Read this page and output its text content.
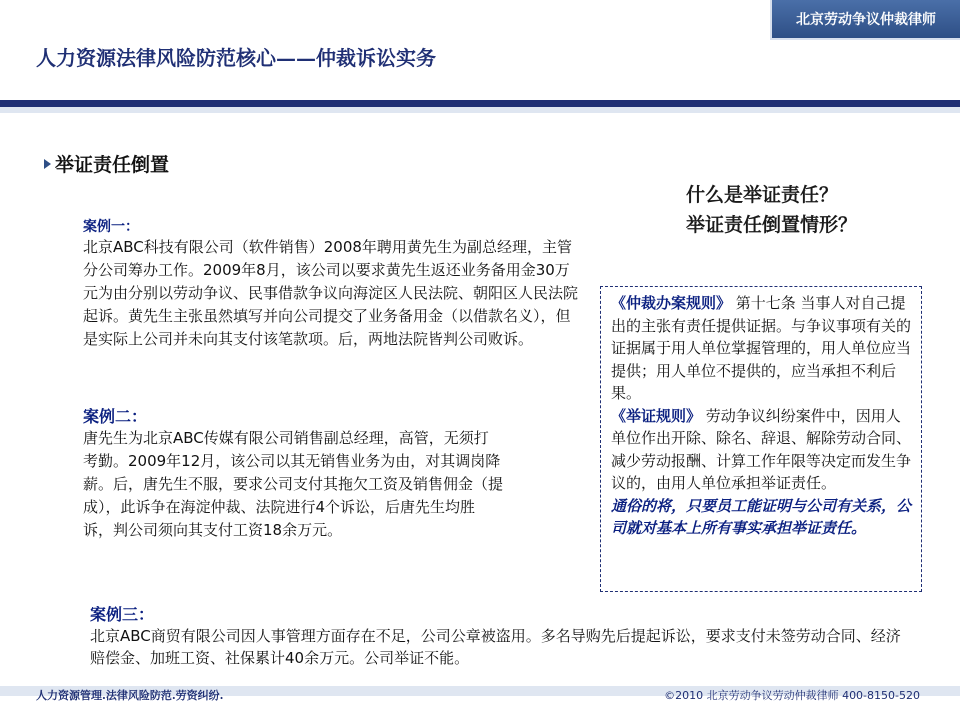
北京劳动争议仲裁律师
人力资源法律风险防范核心——仲裁诉讼实务
举证责任倒置
什么是举证责任？
举证责任倒置情形？
案例一：
北京ABC科技有限公司（软件销售）2008年聘用黄先生为副总经理，主管分公司筹办工作。2009年8月，该公司以要求黄先生返还业务备用金30万元为由分别以劳动争议、民事借款争议向海淀区人民法院、朝阳区人民法院起诉。黄先生主张虽然填写并向公司提交了业务备用金（以借款名义），但是实际上公司并未向其支付该笔款项。后，两地法院皆判公司败诉。
案例二：
唐先生为北京ABC传媒有限公司销售副总经理，高管，无须打考勤。2009年12月，该公司以其无销售业务为由，对其调岗降薪。后，唐先生不服，要求公司支付其拖欠工资及销售佣金（提成），此诉争在海淀仲裁、法院进行4个诉讼，后唐先生均胜诉，判公司须向其支付工资18余万元。
《仲裁办案规则》 第十七条 当事人对自己提出的主张有责任提供证据。与争议事项有关的证据属于用人单位掌握管理的，用人单位应当提供；用人单位不提供的，应当承担不利后果。
《举证规则》 劳动争议纠纷案件中，因用人单位作出开除、除名、辞退、解除劳动合同、减少劳动报酬、计算工作年限等决定而发生争议的，由用人单位承担举证责任。
通俗的将，只要员工能证明与公司有关系，公司就对基本上所有事实承担举证责任。
案例三：
北京ABC商贸有限公司因人事管理方面存在不足，公司公章被盗用。多名导购先后提起诉讼，要求支付未签劳动合同、经济赔偿金、加班工资、社保累计40余万元。公司举证不能。
人力资源管理.法律风险防范.劳资纠纷.	©2010 北京劳动争议劳动仲裁律师 400-8150-520
